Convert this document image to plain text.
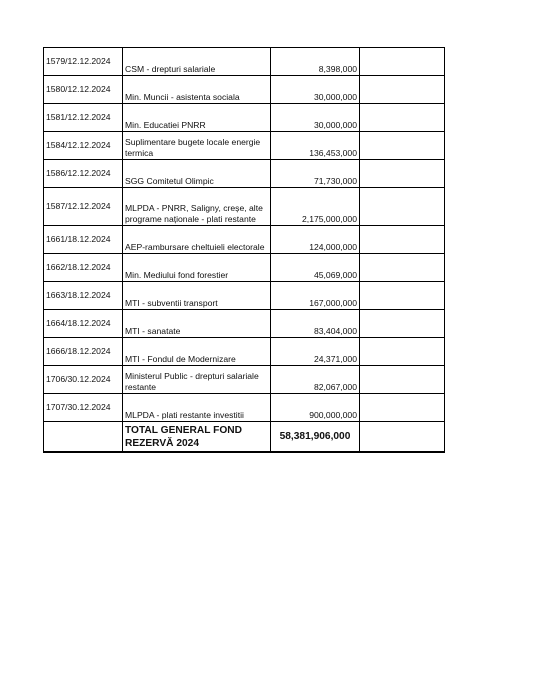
1579/12.12.2024	CSM - drepturi salariale	8,398,000	
1580/12.12.2024	Min. Muncii - asistenta sociala	30,000,000	
1581/12.12.2024	Min. Educatiei PNRR	30,000,000	
1584/12.12.2024	Suplimentare bugete locale energie termica	136,453,000	
1586/12.12.2024	SGG Comitetul Olimpic	71,730,000	
1587/12.12.2024	MLPDA - PNRR, Saligny, creșe, alte programe naționale - plati restante	2,175,000,000	
1661/18.12.2024	AEP-rambursare cheltuieli electorale	124,000,000	
1662/18.12.2024	Min. Mediului fond forestier	45,069,000	
1663/18.12.2024	MTI - subventii transport	167,000,000	
1664/18.12.2024	MTI - sanatate	83,404,000	
1666/18.12.2024	MTI - Fondul de Modernizare	24,371,000	
1706/30.12.2024	Ministerul Public - drepturi salariale restante	82,067,000	
1707/30.12.2024	MLPDA - plati restante investitii	900,000,000	
	TOTAL GENERAL FOND REZERVĂ 2024	58,381,906,000	
